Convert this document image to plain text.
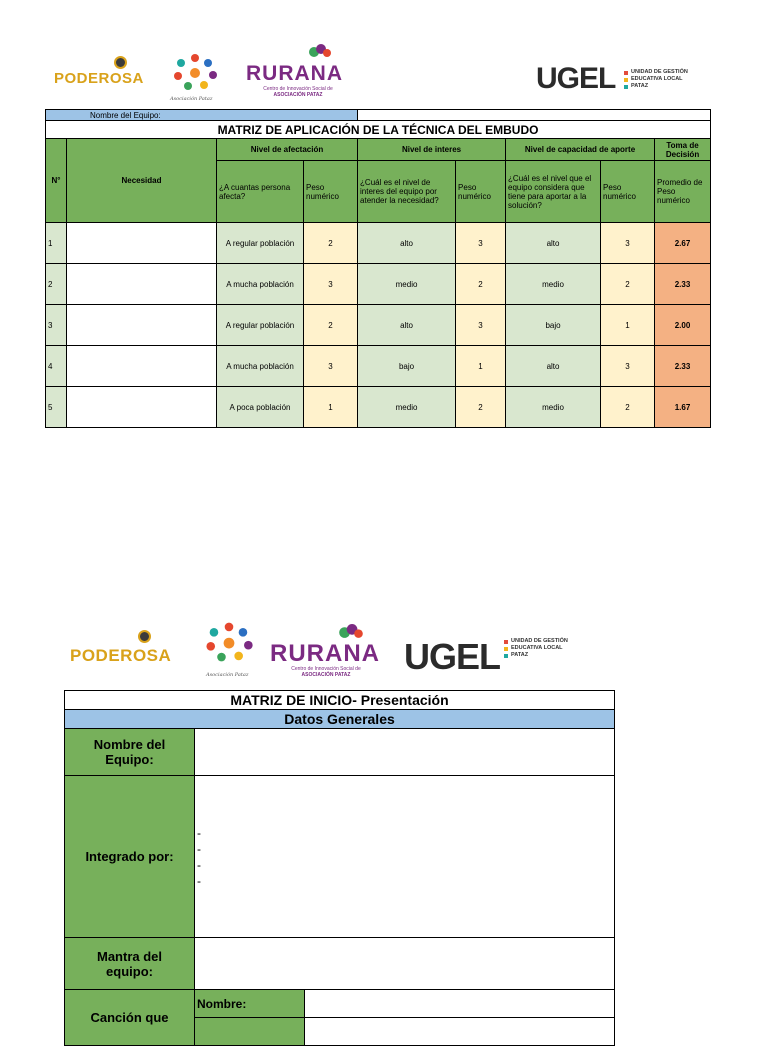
PODEROSA
Asociación Pataz
RURANA
Centro de Innovación Social de
ASOCIACIÓN PATAZ	UGEL	UNIDAD DE GESTIÓN
EDUCATIVA LOCAL
PATAZ
Nombre del Equipo:								
MATRIZ DE APLICACIÓN DE LA TÉCNICA DEL EMBUDO								
N°	Necesidad	Nivel de afectación		Nivel de interes		Nivel de capacidad de aporte		Toma de Decisión
		¿A cuantas persona afecta?	Peso numérico	¿Cuál es el nivel de interes del equipo por atender la necesidad?	Peso numérico	¿Cuál es el nivel que el equipo considera que tiene para aportar a la solución?	Peso numérico	Promedio de Peso numérico
1		A regular población	2	alto	3	alto	3	2.67
2		A mucha población	3	medio	2	medio	2	2.33
3		A regular población	2	alto	3	bajo	1	2.00
4		A mucha población	3	bajo	1	alto	3	2.33
5		A poca población	1	medio	2	medio	2	1.67
PODEROSA
Asociación Pataz
RURANA
Centro de Innovación Social de
ASOCIACIÓN PATAZ	UGEL UNIDAD DE GESTIÓN
EDUCATIVA LOCAL
PATAZ
MATRIZ DE INICIO- Presentación		
Datos Generales		
Nombre del Equipo:		
Integrado por:	-
-
-
-	

Mantra del equipo:		
Canción que	Nombre:	
